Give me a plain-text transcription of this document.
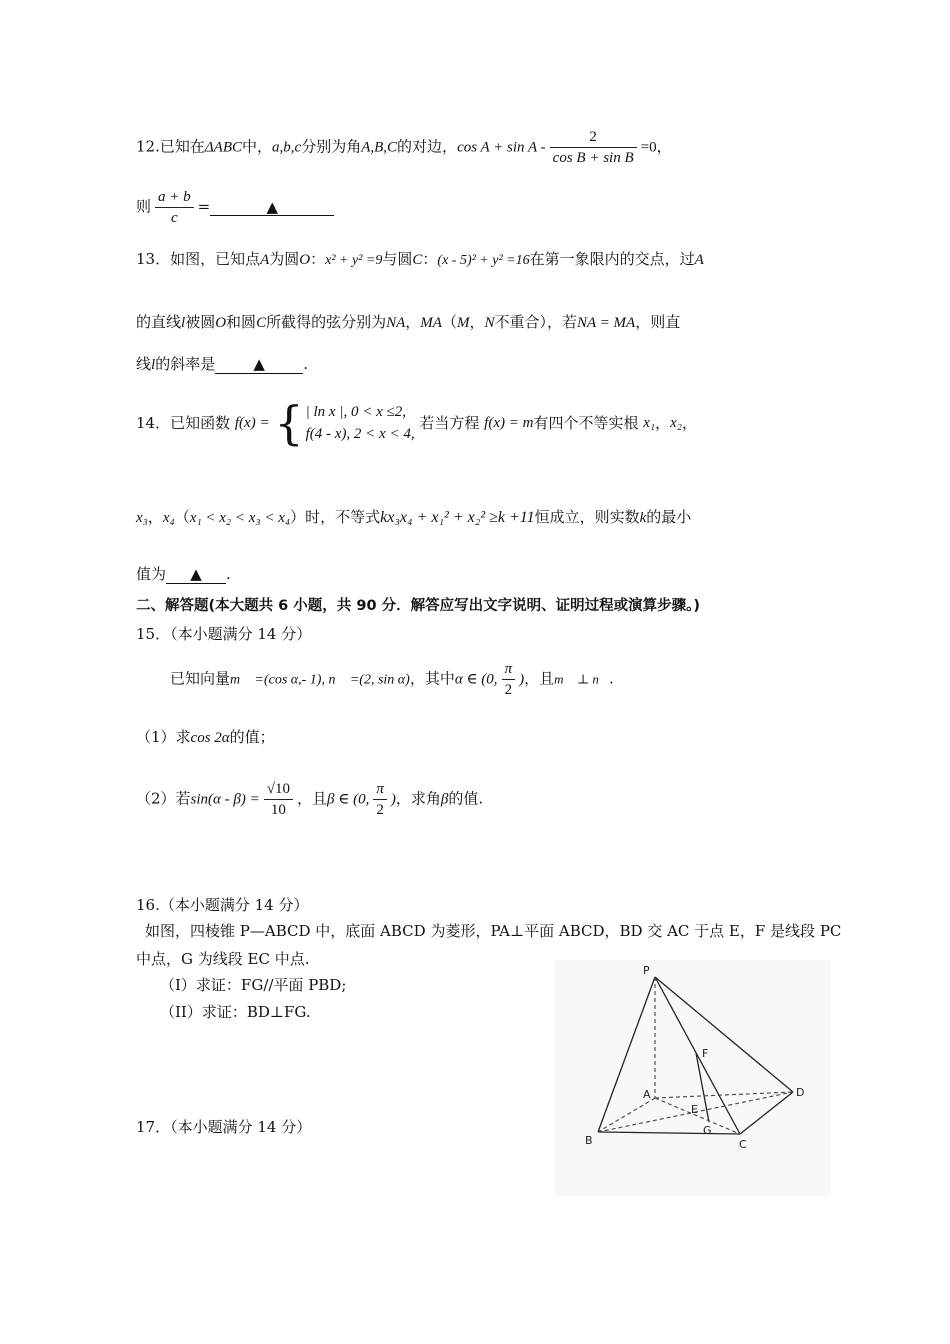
12.已知在ΔABC中，a,b,c分别为角A,B,C的对边，$\cos A + \sin A - \frac{2}{\text{cos B + sin B}} =0$，
则 $\frac{a + b}{c}$ =	▲
13．如图，已知点A为圆O：x² + y² =9与圆C：(x - 5)² + y² =16在第一象限内的交点，过A
的直线l被圆O和圆C所截得的弦分别为NA，MA（M，N不重合），若NA = MA，则直
线l的斜率是	▲	.
14．已知函数 f(x) = { | ln x |, 0 < x ≤2,
f(4 - x), 2 < x < 4,
若当方程 f(x) = m有四个不等实根 x₁，x₂，
x₃，x₄（x₁ < x₂ < x₃ < x₄）时，不等式kx₃x₄ + x₁² + x₂² ≥k +11恒成立，则实数k的最小
值为 ▲ .
二、解答题(本大题共 6 小题，共 90 分．解答应写出文字说明、证明过程或演算步骤。)
15．（本小题满分 14 分）
已知向量m⃗ =(cos α,- 1), n⃗ =(2, sin α)，其中α ∈ (0, $\frac{\pi}{2}$ )，且m⃗ ⊥ n⃗.
（1）求cos 2α的值；
（2）若$\sin(\alpha - \beta) = \frac{√10}{10}$ ，且β ∈ (0, $\frac{\pi}{2}$ )，求角β的值.
16.（本小题满分 14 分）
如图，四棱锥 P—ABCD 中，底面 ABCD 为菱形，PA⊥平面 ABCD，BD 交 AC 于点 E，F 是线段 PC
中点，G 为线段 EC 中点.
（I）求证：FG//平面 PBD;
（II）求证：BD⊥FG.
P
A
B	C
D
E
F
G
17．（本小题满分 14 分）
